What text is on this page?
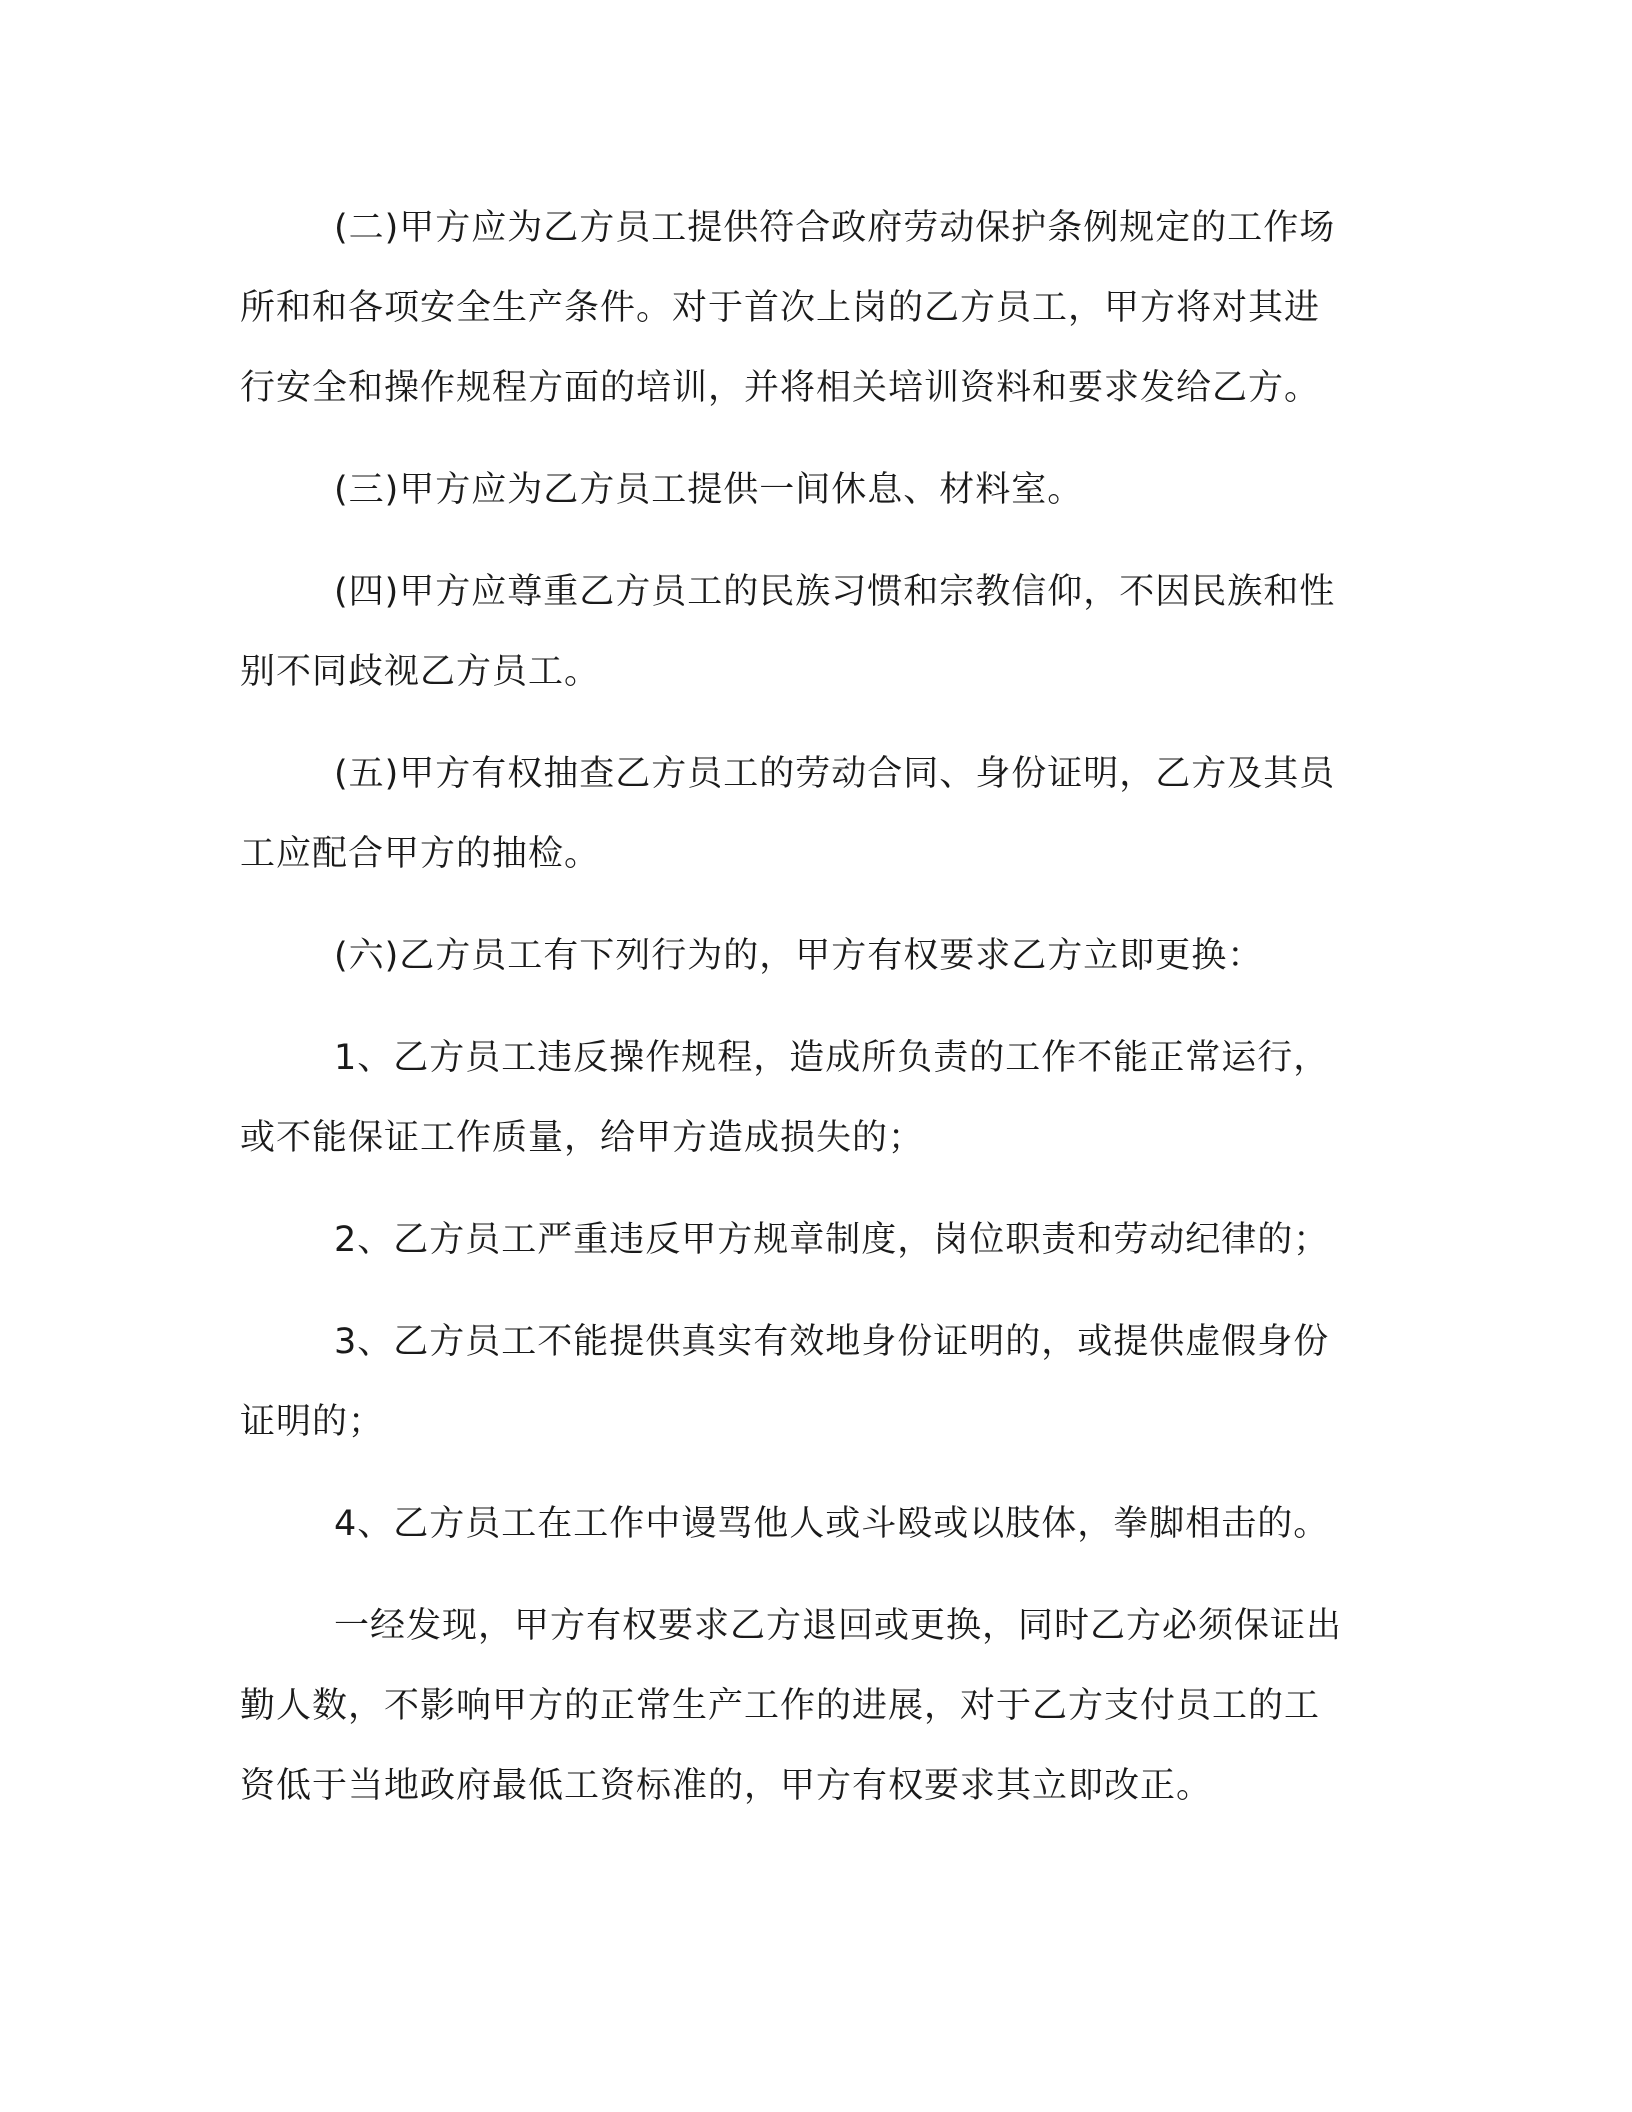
(二)甲方应为乙方员工提供符合政府劳动保护条例规定的工作场
所和和各项安全生产条件。对于首次上岗的乙方员工，甲方将对其进
行安全和操作规程方面的培训，并将相关培训资料和要求发给乙方。

(三)甲方应为乙方员工提供一间休息、材料室。

(四)甲方应尊重乙方员工的民族习惯和宗教信仰，不因民族和性
别不同歧视乙方员工。

(五)甲方有权抽查乙方员工的劳动合同、身份证明，乙方及其员
工应配合甲方的抽检。

(六)乙方员工有下列行为的，甲方有权要求乙方立即更换：

1、乙方员工违反操作规程，造成所负责的工作不能正常运行，
或不能保证工作质量，给甲方造成损失的；

2、乙方员工严重违反甲方规章制度，岗位职责和劳动纪律的；

3、乙方员工不能提供真实有效地身份证明的，或提供虚假身份
证明的；

4、乙方员工在工作中谩骂他人或斗殴或以肢体，拳脚相击的。

一经发现，甲方有权要求乙方退回或更换，同时乙方必须保证出
勤人数，不影响甲方的正常生产工作的进展，对于乙方支付员工的工
资低于当地政府最低工资标准的，甲方有权要求其立即改正。
